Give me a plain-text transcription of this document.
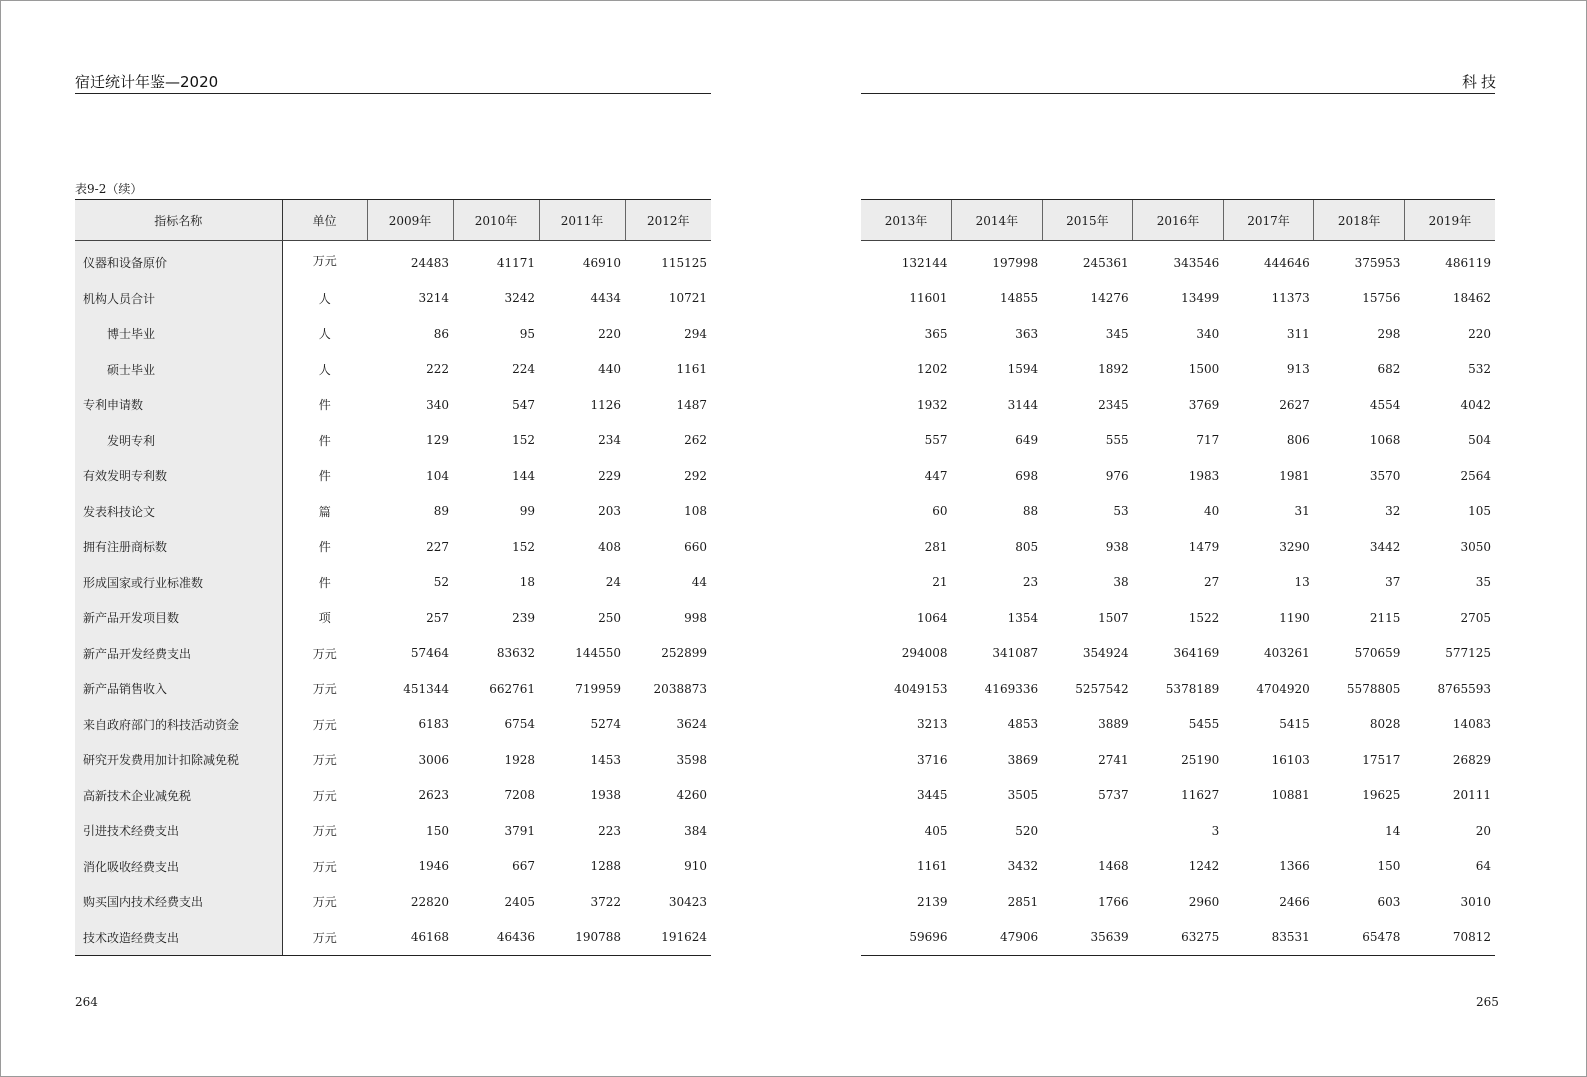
宿迁统计年鉴—2020	科技
表9-2（续）
指标名称	单位	2009年	2010年	2011年	2012年
仪器和设备原价	万元	24483	41171	46910	115125
机构人员合计	人	3214	3242	4434	10721
博士毕业	人	86	95	220	294
硕士毕业	人	222	224	440	1161
专利申请数	件	340	547	1126	1487
发明专利	件	129	152	234	262
有效发明专利数	件	104	144	229	292
发表科技论文	篇	89	99	203	108
拥有注册商标数	件	227	152	408	660
形成国家或行业标准数	件	52	18	24	44
新产品开发项目数	项	257	239	250	998
新产品开发经费支出	万元	57464	83632	144550	252899
新产品销售收入	万元	451344	662761	719959	2038873
来自政府部门的科技活动资金	万元	6183	6754	5274	3624
研究开发费用加计扣除减免税	万元	3006	1928	1453	3598
高新技术企业减免税	万元	2623	7208	1938	4260
引进技术经费支出	万元	150	3791	223	384
消化吸收经费支出	万元	1946	667	1288	910
购买国内技术经费支出	万元	22820	2405	3722	30423
技术改造经费支出	万元	46168	46436	190788	191624
2013年	2014年	2015年	2016年	2017年	2018年	2019年
132144	197998	245361	343546	444646	375953	486119
11601	14855	14276	13499	11373	15756	18462
365	363	345	340	311	298	220
1202	1594	1892	1500	913	682	532
1932	3144	2345	3769	2627	4554	4042
557	649	555	717	806	1068	504
447	698	976	1983	1981	3570	2564
60	88	53	40	31	32	105
281	805	938	1479	3290	3442	3050
21	23	38	27	13	37	35
1064	1354	1507	1522	1190	2115	2705
294008	341087	354924	364169	403261	570659	577125
4049153	4169336	5257542	5378189	4704920	5578805	8765593
3213	4853	3889	5455	5415	8028	14083
3716	3869	2741	25190	16103	17517	26829
3445	3505	5737	11627	10881	19625	20111
405	520		3		14	20
1161	3432	1468	1242	1366	150	64
2139	2851	1766	2960	2466	603	3010
59696	47906	35639	63275	83531	65478	70812
264	265
